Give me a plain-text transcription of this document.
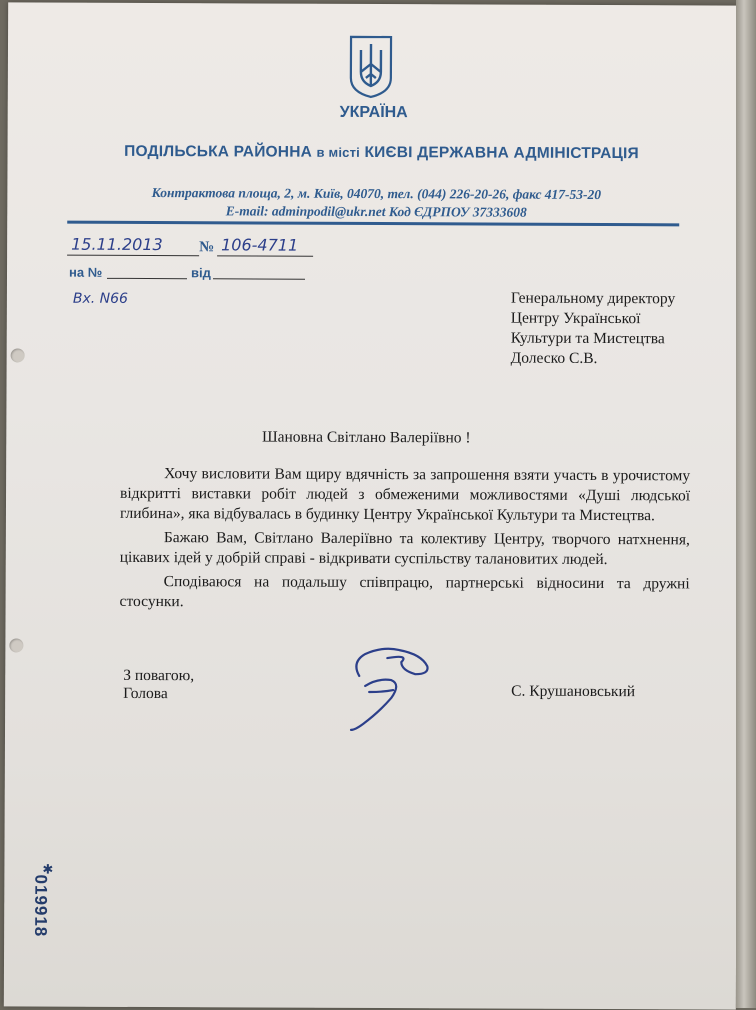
УКРАЇНА
ПОДІЛЬСЬКА РАЙОННА в місті КИЄВІ ДЕРЖАВНА АДМІНІСТРАЦІЯ
Контрактова площа, 2, м. Київ, 04070, тел. (044) 226-20-26, факс 417-53-20
E-mail: adminpodil@ukr.net Код ЄДРПОУ 37333608
15.11.2013 № 106-4711
на №	від
Вх. N66	Генеральному директору
Центру Української
Культури та Мистецтва
Долеско С.В.
Шановна Світлано Валеріївно !
Хочу висловити Вам щиру вдячність за запрошення взяти участь в урочистому відкритті виставки робіт людей з обмеженими можливостями «Душі людської глибина», яка відбувалась в будинку Центру Української Культури та Мистецтва.
Бажаю Вам, Світлано Валеріївно та колективу Центру, творчого натхнення, цікавих ідей у добрій справі - відкривати суспільству талановитих людей.
Сподіваюся на подальшу співпрацю, партнерські відносини та дружні стосунки.
З повагою,
Голова	С. Крушановський
019918
✱
